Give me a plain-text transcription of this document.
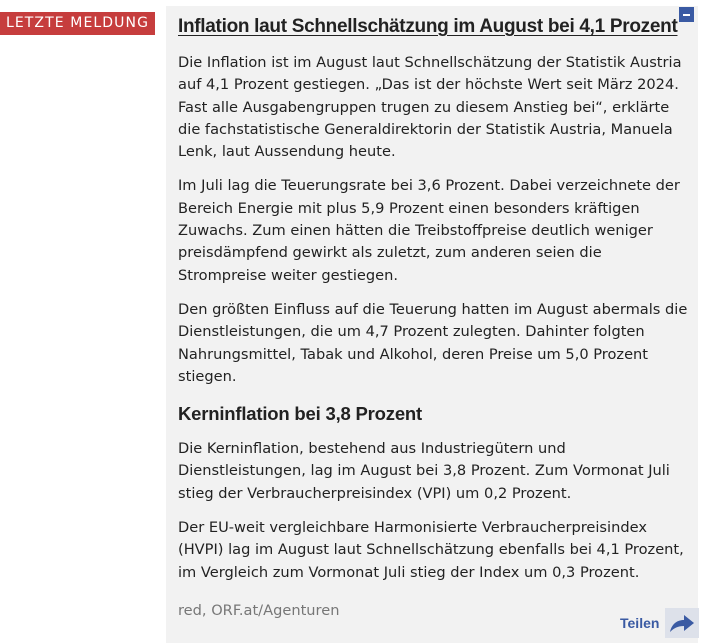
LETZTE MELDUNG	Inflation laut Schnellschätzung im August bei 4,1 Prozent

Die Inflation ist im August laut Schnellschätzung der Statistik Austria auf 4,1 Prozent gestiegen. „Das ist der höchste Wert seit März 2024. Fast alle Ausgabengruppen trugen zu diesem Anstieg bei“, erklärte die fachstatistische Generaldirektorin der Statistik Austria, Manuela Lenk, laut Aussendung heute.

Im Juli lag die Teuerungsrate bei 3,6 Prozent. Dabei verzeichnete der Bereich Energie mit plus 5,9 Prozent einen besonders kräftigen Zuwachs. Zum einen hätten die Treibstoffpreise deutlich weniger preisdämpfend gewirkt als zuletzt, zum anderen seien die Strompreise weiter gestiegen.

Den größten Einfluss auf die Teuerung hatten im August abermals die Dienstleistungen, die um 4,7 Prozent zulegten. Dahinter folgten Nahrungsmittel, Tabak und Alkohol, deren Preise um 5,0 Prozent stiegen.

Kerninflation bei 3,8 Prozent

Die Kerninflation, bestehend aus Industriegütern und Dienstleistungen, lag im August bei 3,8 Prozent. Zum Vormonat Juli stieg der Verbraucherpreisindex (VPI) um 0,2 Prozent.

Der EU-weit vergleichbare Harmonisierte Verbraucherpreisindex (HVPI) lag im August laut Schnellschätzung ebenfalls bei 4,1 Prozent, im Vergleich zum Vormonat Juli stieg der Index um 0,3 Prozent.

red, ORF.at/Agenturen
Teilen
